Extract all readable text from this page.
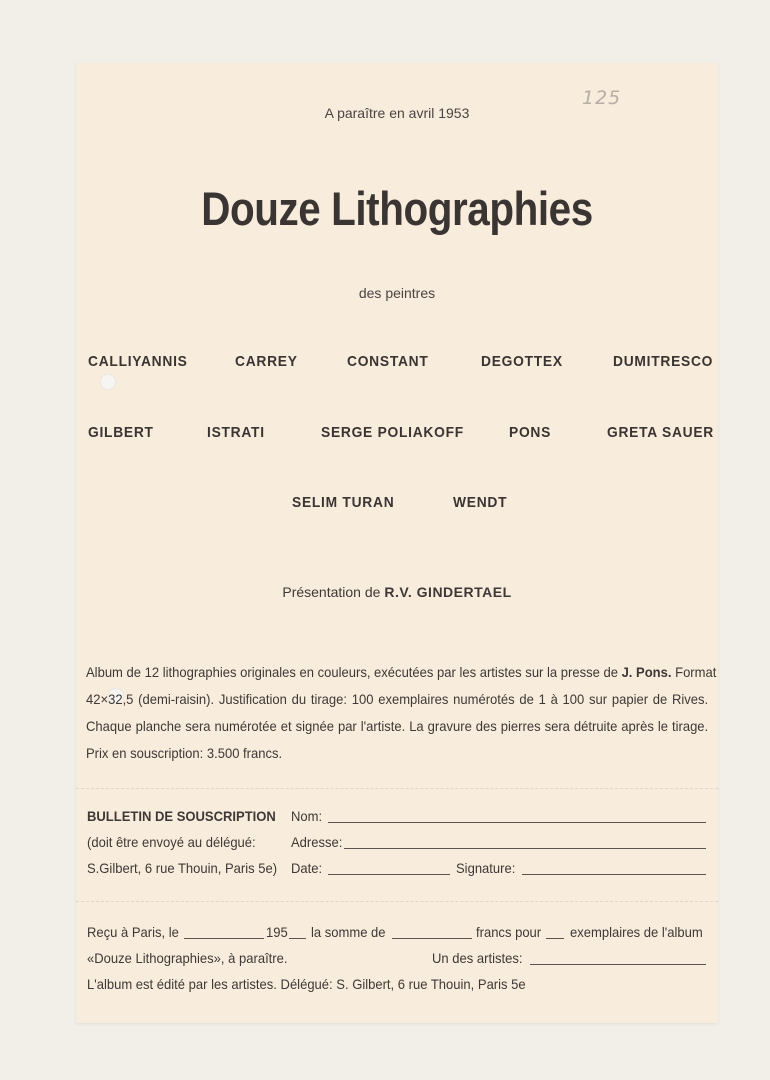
125
A paraître en avril 1953
Douze Lithographies
des peintres
CALLIYANNIS	CARREY	CONSTANT	DEGOTTEX	DUMITRESCO
GILBERT	ISTRATI	SERGE POLIAKOFF	PONS	GRETA SAUER
SELIM TURAN	WENDT
Présentation de R.V. GINDERTAEL
Album de 12 lithographies originales en couleurs, exécutées par les artistes sur la presse de J. Pons. Format
42×32,5 (demi-raisin). Justification du tirage: 100 exemplaires numérotés de 1 à 100 sur papier de Rives.
Chaque planche sera numérotée et signée par l'artiste. La gravure des pierres sera détruite après le tirage.
Prix en souscription: 3.500 francs.
BULLETIN DE SOUSCRIPTION
(doit être envoyé au délégué:
S.Gilbert, 6 rue Thouin, Paris 5e)
Nom:
Adresse:
Date:	Signature:
Reçu à Paris, le	195 la somme de	francs pour exemplaires de l'album
«Douze Lithographies», à paraître.	Un des artistes:
L'album est édité par les artistes. Délégué: S. Gilbert, 6 rue Thouin, Paris 5e
